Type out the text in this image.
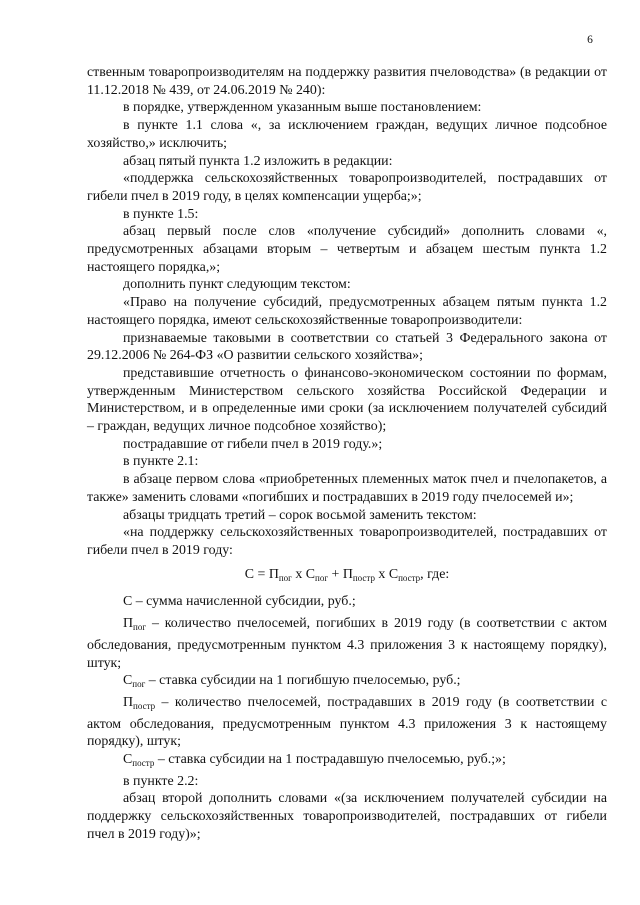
6

ственным товаропроизводителям на поддержку развития пчеловодства» (в редакции от 11.12.2018 № 439, от 24.06.2019 № 240):

в порядке, утвержденном указанным выше постановлением:

в пункте 1.1 слова «, за исключением граждан, ведущих личное подсобное хозяйство,» исключить;

абзац пятый пункта 1.2 изложить в редакции:

«поддержка сельскохозяйственных товаропроизводителей, пострадавших от гибели пчел в 2019 году, в целях компенсации ущерба;»;

в пункте 1.5:

абзац первый после слов «получение субсидий» дополнить словами «, предусмотренных абзацами вторым – четвертым и абзацем шестым пункта 1.2 настоящего порядка,»;

дополнить пункт следующим текстом:

«Право на получение субсидий, предусмотренных абзацем пятым пункта 1.2 настоящего порядка, имеют сельскохозяйственные товаропроизводители:

признаваемые таковыми в соответствии со статьей 3 Федерального закона от 29.12.2006 № 264-ФЗ «О развитии сельского хозяйства»;

представившие отчетность о финансово-экономическом состоянии по формам, утвержденным Министерством сельского хозяйства Российской Федерации и Министерством, и в определенные ими сроки (за исключением получателей субсидий – граждан, ведущих личное подсобное хозяйство);

пострадавшие от гибели пчел в 2019 году.»;

в пункте 2.1:

в абзаце первом слова «приобретенных племенных маток пчел и пчелопакетов, а также» заменить словами «погибших и пострадавших в 2019 году пчелосемей и»;

абзацы тридцать третий – сорок восьмой заменить текстом:

«на поддержку сельскохозяйственных товаропроизводителей, пострадавших от гибели пчел в 2019 году:

$C = П_{пог}$ x $C_{пог} + П_{постр}$ x $C_{постр}$, где:

C – сумма начисленной субсидии, руб.;

$П_{пог}$ – количество пчелосемей, погибших в 2019 году (в соответствии с актом обследования, предусмотренным пунктом 4.3 приложения 3 к настоящему порядку), штук;

$C_{пог}$ – ставка субсидии на 1 погибшую пчелосемью, руб.;

$П_{постр}$ – количество пчелосемей, пострадавших в 2019 году (в соответствии с актом обследования, предусмотренным пунктом 4.3 приложения 3 к настоящему порядку), штук;

$C_{постр}$ – ставка субсидии на 1 пострадавшую пчелосемью, руб.;»;

в пункте 2.2:

абзац второй дополнить словами «(за исключением получателей субсидии на поддержку сельскохозяйственных товаропроизводителей, пострадавших от гибели пчел в 2019 году)»;
